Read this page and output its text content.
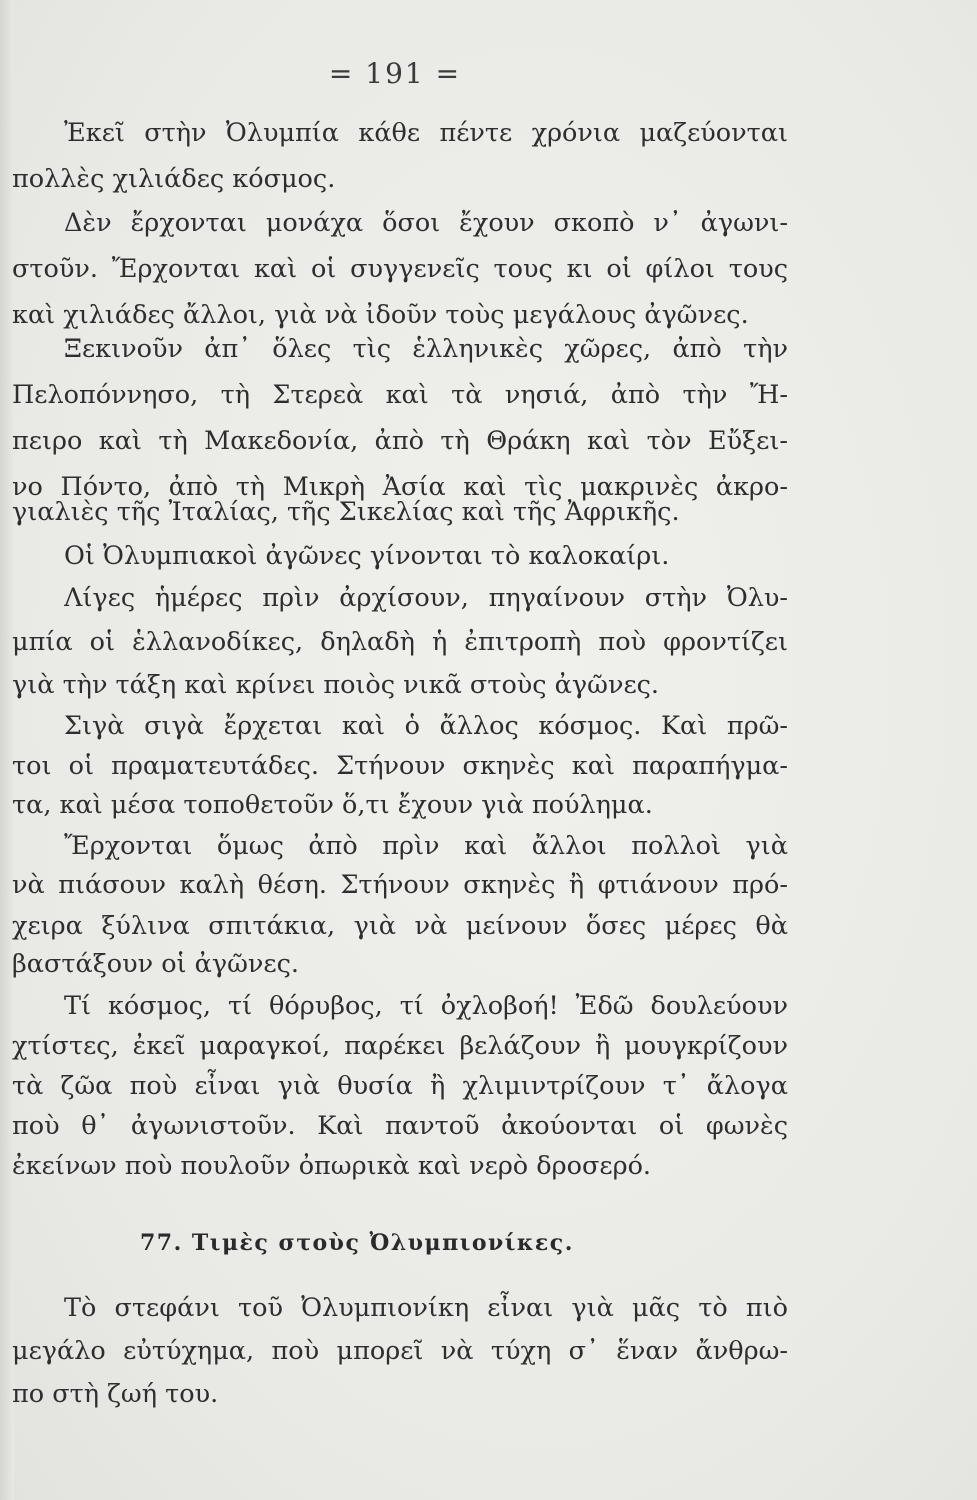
= 191 =
Ἐκεῖ στὴν Ὀλυμπία κάθε πέντε χρόνια μαζεύονται
πολλὲς χιλιάδες κόσμος.
Δὲν ἔρχονται μονάχα ὅσοι ἔχουν σκοπὸ ν᾽ ἀγωνι-
στοῦν. Ἔρχονται καὶ οἱ συγγενεῖς τους κι οἱ φίλοι τους
καὶ χιλιάδες ἄλλοι, γιὰ νὰ ἰδοῦν τοὺς μεγάλους ἀγῶνες.
Ξεκινοῦν ἀπ᾽ ὅλες τὶς ἑλληνικὲς χῶρες, ἀπὸ τὴν
Πελοπόννησο, τὴ Στερεὰ καὶ τὰ νησιά, ἀπὸ τὴν Ἤ-
πειρο καὶ τὴ Μακεδονία, ἀπὸ τὴ Θράκη καὶ τὸν Εὔξει-
νο Πόντο, ἀπὸ τὴ Μικρὴ Ἀσία καὶ τὶς μακρινὲς ἀκρο-
γιαλιὲς τῆς Ἰταλίας, τῆς Σικελίας καὶ τῆς Ἀφρικῆς.
Οἱ Ὀλυμπιακοὶ ἀγῶνες γίνονται τὸ καλοκαίρι.
Λίγες ἡμέρες πρὶν ἀρχίσουν, πηγαίνουν στὴν Ὀλυ-
μπία οἱ ἑλλανοδίκες, δηλαδὴ ἡ ἐπιτροπὴ ποὺ φροντίζει
γιὰ τὴν τάξη καὶ κρίνει ποιὸς νικᾶ στοὺς ἀγῶνες.
Σιγὰ σιγὰ ἔρχεται καὶ ὁ ἄλλος κόσμος. Καὶ πρῶ-
τοι οἱ πραματευτάδες. Στήνουν σκηνὲς καὶ παραπήγμα-
τα, καὶ μέσα τοποθετοῦν ὅ,τι ἔχουν γιὰ πούλημα.
Ἔρχονται ὅμως ἀπὸ πρὶν καὶ ἄλλοι πολλοὶ γιὰ
νὰ πιάσουν καλὴ θέση. Στήνουν σκηνὲς ἢ φτιάνουν πρό-
χειρα ξύλινα σπιτάκια, γιὰ νὰ μείνουν ὅσες μέρες θὰ
βαστάξουν οἱ ἀγῶνες.
Τί κόσμος, τί θόρυβος, τί ὀχλοβοή! Ἐδῶ δουλεύουν
χτίστες, ἐκεῖ μαραγκοί, παρέκει βελάζουν ἢ μουγκρίζουν
τὰ ζῶα ποὺ εἶναι γιὰ θυσία ἢ χλιμιντρίζουν τ᾽ ἄλογα
ποὺ θ᾽ ἀγωνιστοῦν. Καὶ παντοῦ ἀκούονται οἱ φωνὲς
ἐκείνων ποὺ πουλοῦν ὀπωρικὰ καὶ νερὸ δροσερό.
77. Τιμὲς στοὺς Ὀλυμπιονίκες.
Τὸ στεφάνι τοῦ Ὀλυμπιονίκη εἶναι γιὰ μᾶς τὸ πιὸ
μεγάλο εὐτύχημα, ποὺ μπορεῖ νὰ τύχη σ᾽ ἕναν ἄνθρω-
πο στὴ ζωή του.
